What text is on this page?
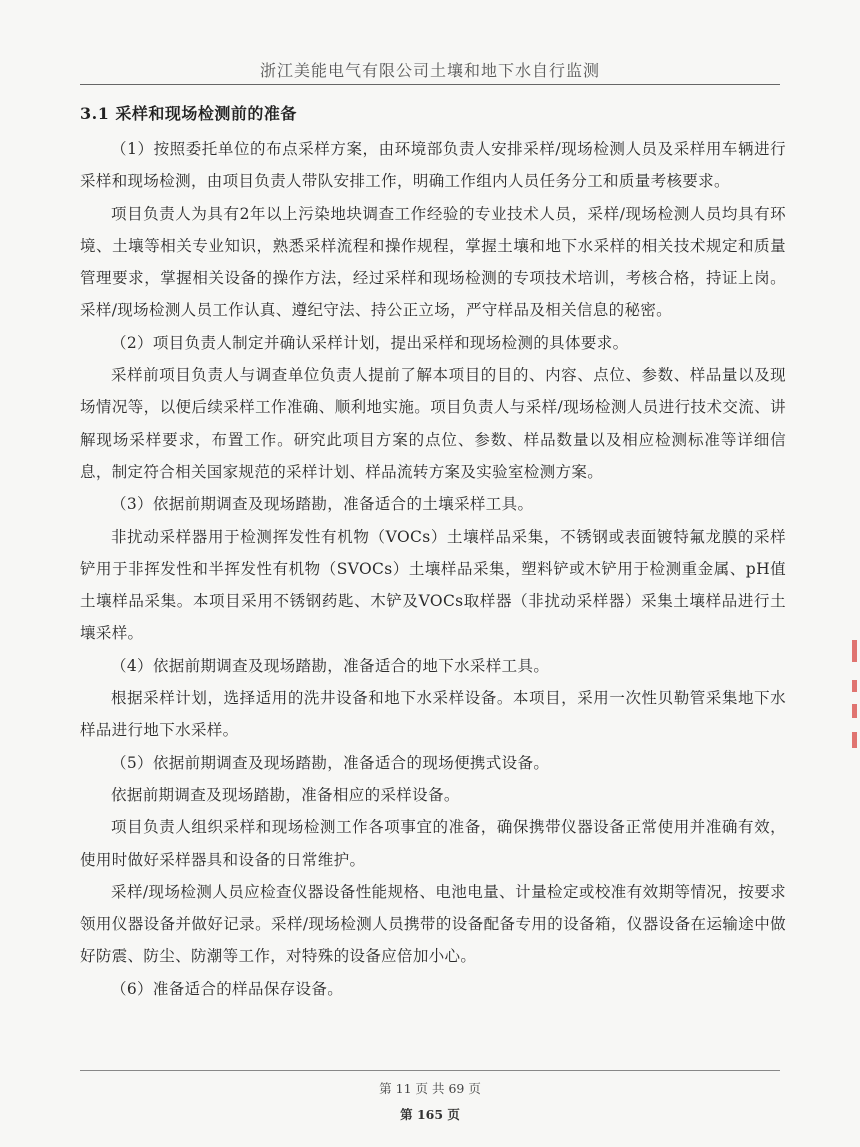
浙江美能电气有限公司土壤和地下水自行监测
3.1 采样和现场检测前的准备

（1）按照委托单位的布点采样方案，由环境部负责人安排采样/现场检测人员及采样用车辆进行采样和现场检测，由项目负责人带队安排工作，明确工作组内人员任务分工和质量考核要求。

项目负责人为具有2年以上污染地块调查工作经验的专业技术人员，采样/现场检测人员均具有环境、土壤等相关专业知识，熟悉采样流程和操作规程，掌握土壤和地下水采样的相关技术规定和质量管理要求，掌握相关设备的操作方法，经过采样和现场检测的专项技术培训，考核合格，持证上岗。采样/现场检测人员工作认真、遵纪守法、持公正立场，严守样品及相关信息的秘密。

（2）项目负责人制定并确认采样计划，提出采样和现场检测的具体要求。

采样前项目负责人与调查单位负责人提前了解本项目的目的、内容、点位、参数、样品量以及现场情况等，以便后续采样工作准确、顺利地实施。项目负责人与采样/现场检测人员进行技术交流、讲解现场采样要求，布置工作。研究此项目方案的点位、参数、样品数量以及相应检测标准等详细信息，制定符合相关国家规范的采样计划、样品流转方案及实验室检测方案。

（3）依据前期调查及现场踏勘，准备适合的土壤采样工具。

非扰动采样器用于检测挥发性有机物（VOCs）土壤样品采集，不锈钢或表面镀特氟龙膜的采样铲用于非挥发性和半挥发性有机物（SVOCs）土壤样品采集，塑料铲或木铲用于检测重金属、pH值土壤样品采集。本项目采用不锈钢药匙、木铲及VOCs取样器（非扰动采样器）采集土壤样品进行土壤采样。

（4）依据前期调查及现场踏勘，准备适合的地下水采样工具。

根据采样计划，选择适用的洗井设备和地下水采样设备。本项目，采用一次性贝勒管采集地下水样品进行地下水采样。

（5）依据前期调查及现场踏勘，准备适合的现场便携式设备。

依据前期调查及现场踏勘，准备相应的采样设备。

项目负责人组织采样和现场检测工作各项事宜的准备，确保携带仪器设备正常使用并准确有效，使用时做好采样器具和设备的日常维护。

采样/现场检测人员应检查仪器设备性能规格、电池电量、计量检定或校准有效期等情况，按要求领用仪器设备并做好记录。采样/现场检测人员携带的设备配备专用的设备箱，仪器设备在运输途中做好防震、防尘、防潮等工作，对特殊的设备应倍加小心。

（6）准备适合的样品保存设备。

第 11 页 共 69 页
第 165 页
